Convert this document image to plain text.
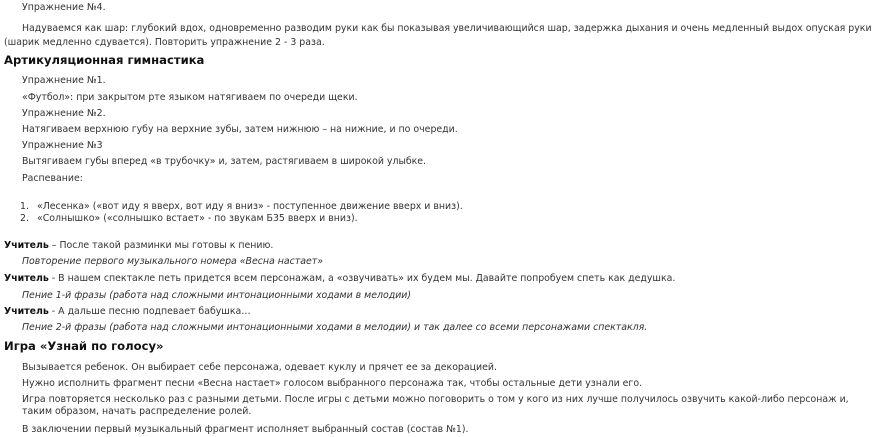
Упражнение №4.
Надуваемся как шар: глубокий вдох, одновременно разводим руки как бы показывая увеличивающийся шар, задержка дыхания и очень медленный выдох опуская руки
(шарик медленно сдувается). Повторить упражнение 2 - 3 раза.
Артикуляционная гимнастика
Упражнение №1.
«Футбол»: при закрытом рте языком натягиваем по очереди щеки.
Упражнение №2.
Натягиваем верхнюю губу на верхние зубы, затем нижнюю – на нижние, и по очереди.
Упражнение №3
Вытягиваем губы вперед «в трубочку» и, затем, растягиваем в широкой улыбке.
Распевание:
1. «Лесенка» («вот иду я вверх, вот иду я вниз» - поступенное движение вверх и вниз).
2. «Солнышко» («солнышко встает» - по звукам Б35 вверх и вниз).
Учитель – После такой разминки мы готовы к пению.
Повторение первого музыкального номера «Весна настает»
Учитель - В нашем спектакле петь придется всем персонажам, а «озвучивать» их будем мы. Давайте попробуем спеть как дедушка.
Пение 1-й фразы (работа над сложными интонационными ходами в мелодии)
Учитель - А дальше песню подпевает бабушка…
Пение 2-й фразы (работа над сложными интонационными ходами в мелодии) и так далее со всеми персонажами спектакля.
Игра «Узнай по голосу»
Вызывается ребенок. Он выбирает себе персонажа, одевает куклу и прячет ее за декорацией.
Нужно исполнить фрагмент песни «Весна настает» голосом выбранного персонажа так, чтобы остальные дети узнали его.
Игра повторяется несколько раз с разными детьми. После игры с детьми можно поговорить о том у кого из них лучше получилось озвучить какой-либо персонаж и,
таким образом, начать распределение ролей.
В заключении первый музыкальный фрагмент исполняет выбранный состав (состав №1).
